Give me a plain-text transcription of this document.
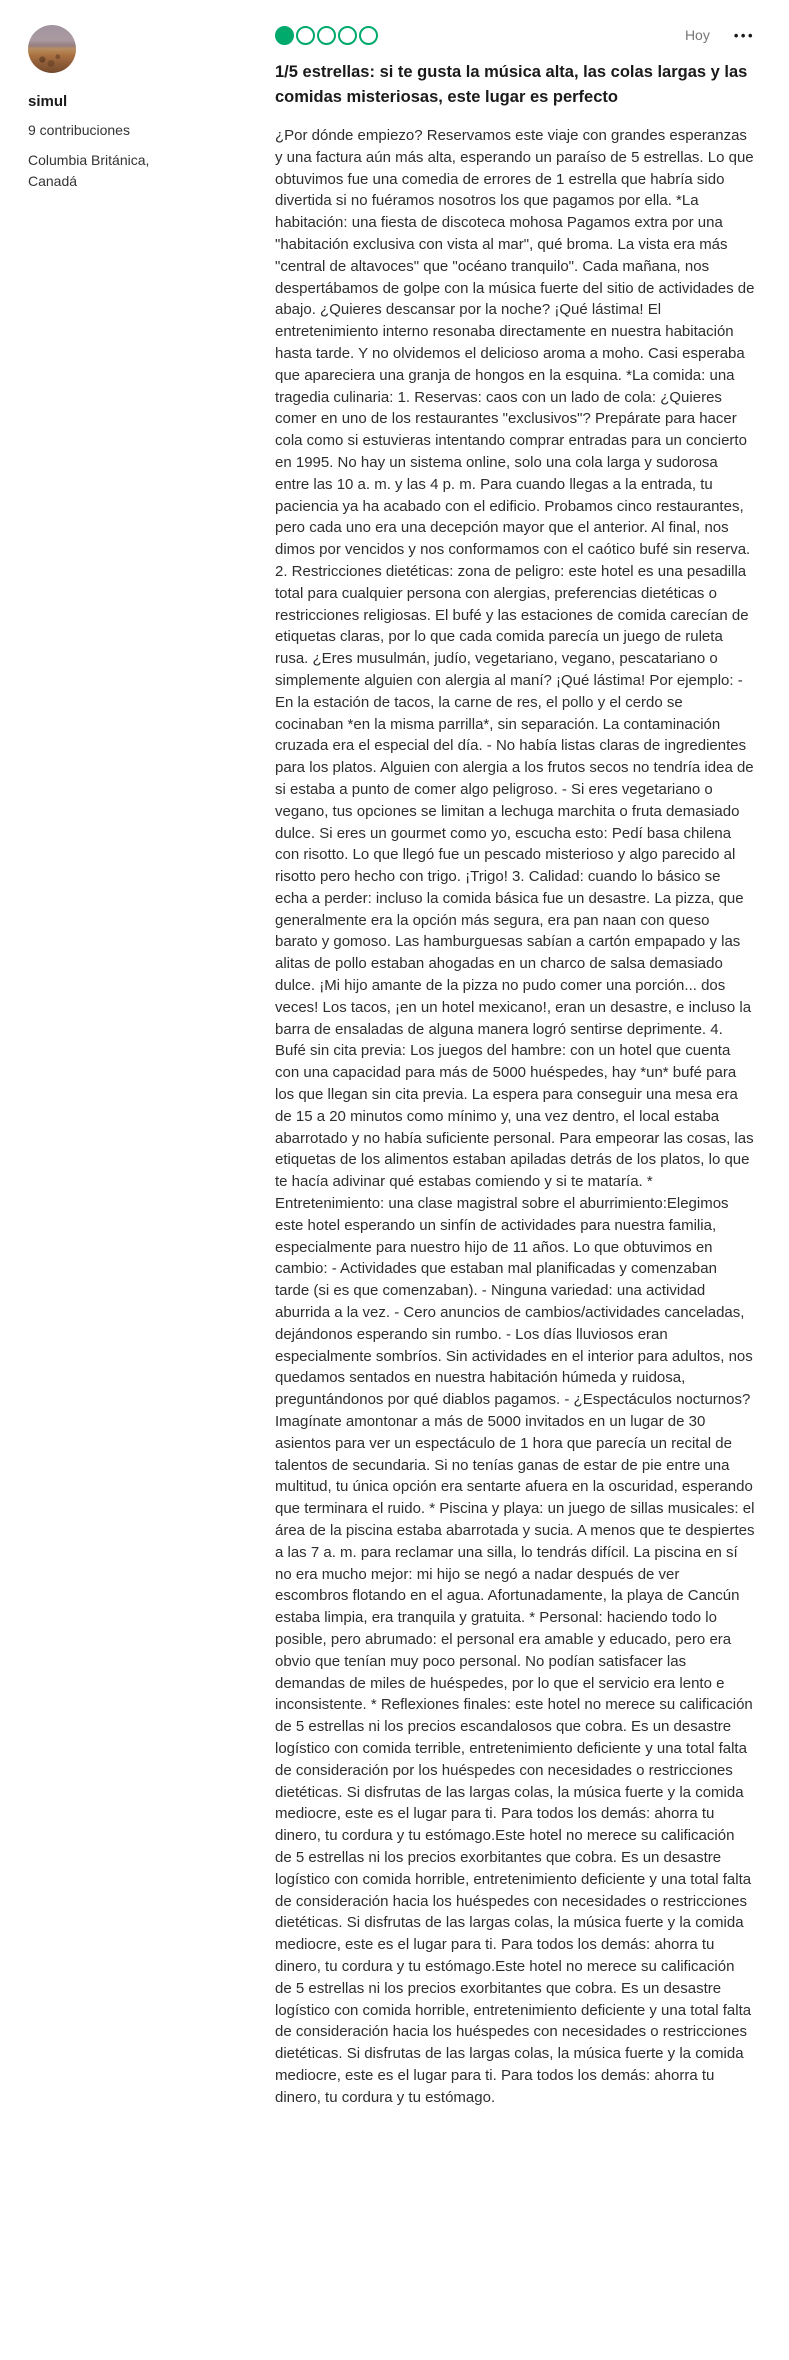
simul
9 contribuciones
Columbia Británica, Canadá
Hoy •••
1/5 estrellas: si te gusta la música alta, las colas largas y las comidas misteriosas, este lugar es perfecto

¿Por dónde empiezo? Reservamos este viaje con grandes esperanzas y una factura aún más alta, esperando un paraíso de 5 estrellas. Lo que obtuvimos fue una comedia de errores de 1 estrella que habría sido divertida si no fuéramos nosotros los que pagamos por ella. *La habitación: una fiesta de discoteca mohosa Pagamos extra por una "habitación exclusiva con vista al mar", qué broma. La vista era más "central de altavoces" que "océano tranquilo". Cada mañana, nos despertábamos de golpe con la música fuerte del sitio de actividades de abajo. ¿Quieres descansar por la noche? ¡Qué lástima! El entretenimiento interno resonaba directamente en nuestra habitación hasta tarde. Y no olvidemos el delicioso aroma a moho. Casi esperaba que apareciera una granja de hongos en la esquina. *La comida: una tragedia culinaria: 1. Reservas: caos con un lado de cola: ¿Quieres comer en uno de los restaurantes "exclusivos"? Prepárate para hacer cola como si estuvieras intentando comprar entradas para un concierto en 1995. No hay un sistema online, solo una cola larga y sudorosa entre las 10 a. m. y las 4 p. m. Para cuando llegas a la entrada, tu paciencia ya ha acabado con el edificio. Probamos cinco restaurantes, pero cada uno era una decepción mayor que el anterior. Al final, nos dimos por vencidos y nos conformamos con el caótico bufé sin reserva. 2. Restricciones dietéticas: zona de peligro: este hotel es una pesadilla total para cualquier persona con alergias, preferencias dietéticas o restricciones religiosas. El bufé y las estaciones de comida carecían de etiquetas claras, por lo que cada comida parecía un juego de ruleta rusa. ¿Eres musulmán, judío, vegetariano, vegano, pescatariano o simplemente alguien con alergia al maní? ¡Qué lástima! Por ejemplo: - En la estación de tacos, la carne de res, el pollo y el cerdo se cocinaban *en la misma parrilla*, sin separación. La contaminación cruzada era el especial del día. - No había listas claras de ingredientes para los platos. Alguien con alergia a los frutos secos no tendría idea de si estaba a punto de comer algo peligroso. - Si eres vegetariano o vegano, tus opciones se limitan a lechuga marchita o fruta demasiado dulce. Si eres un gourmet como yo, escucha esto: Pedí basa chilena con risotto. Lo que llegó fue un pescado misterioso y algo parecido al risotto pero hecho con trigo. ¡Trigo! 3. Calidad: cuando lo básico se echa a perder: incluso la comida básica fue un desastre. La pizza, que generalmente era la opción más segura, era pan naan con queso barato y gomoso. Las hamburguesas sabían a cartón empapado y las alitas de pollo estaban ahogadas en un charco de salsa demasiado dulce. ¡Mi hijo amante de la pizza no pudo comer una porción... dos veces! Los tacos, ¡en un hotel mexicano!, eran un desastre, e incluso la barra de ensaladas de alguna manera logró sentirse deprimente. 4. Bufé sin cita previa: Los juegos del hambre: con un hotel que cuenta con una capacidad para más de 5000 huéspedes, hay *un* bufé para los que llegan sin cita previa. La espera para conseguir una mesa era de 15 a 20 minutos como mínimo y, una vez dentro, el local estaba abarrotado y no había suficiente personal. Para empeorar las cosas, las etiquetas de los alimentos estaban apiladas detrás de los platos, lo que te hacía adivinar qué estabas comiendo y si te mataría. * Entretenimiento: una clase magistral sobre el aburrimiento:Elegimos este hotel esperando un sinfín de actividades para nuestra familia, especialmente para nuestro hijo de 11 años. Lo que obtuvimos en cambio: - Actividades que estaban mal planificadas y comenzaban tarde (si es que comenzaban). - Ninguna variedad: una actividad aburrida a la vez. - Cero anuncios de cambios/actividades canceladas, dejándonos esperando sin rumbo. - Los días lluviosos eran especialmente sombríos. Sin actividades en el interior para adultos, nos quedamos sentados en nuestra habitación húmeda y ruidosa, preguntándonos por qué diablos pagamos. - ¿Espectáculos nocturnos? Imagínate amontonar a más de 5000 invitados en un lugar de 30 asientos para ver un espectáculo de 1 hora que parecía un recital de talentos de secundaria. Si no tenías ganas de estar de pie entre una multitud, tu única opción era sentarte afuera en la oscuridad, esperando que terminara el ruido. * Piscina y playa: un juego de sillas musicales: el área de la piscina estaba abarrotada y sucia. A menos que te despiertes a las 7 a. m. para reclamar una silla, lo tendrás difícil. La piscina en sí no era mucho mejor: mi hijo se negó a nadar después de ver escombros flotando en el agua. Afortunadamente, la playa de Cancún estaba limpia, era tranquila y gratuita. * Personal: haciendo todo lo posible, pero abrumado: el personal era amable y educado, pero era obvio que tenían muy poco personal. No podían satisfacer las demandas de miles de huéspedes, por lo que el servicio era lento e inconsistente. * Reflexiones finales: este hotel no merece su calificación de 5 estrellas ni los precios escandalosos que cobra. Es un desastre logístico con comida terrible, entretenimiento deficiente y una total falta de consideración por los huéspedes con necesidades o restricciones dietéticas. Si disfrutas de las largas colas, la música fuerte y la comida mediocre, este es el lugar para ti. Para todos los demás: ahorra tu dinero, tu cordura y tu estómago.Este hotel no merece su calificación de 5 estrellas ni los precios exorbitantes que cobra. Es un desastre logístico con comida horrible, entretenimiento deficiente y una total falta de consideración hacia los huéspedes con necesidades o restricciones dietéticas. Si disfrutas de las largas colas, la música fuerte y la comida mediocre, este es el lugar para ti. Para todos los demás: ahorra tu dinero, tu cordura y tu estómago.Este hotel no merece su calificación de 5 estrellas ni los precios exorbitantes que cobra. Es un desastre logístico con comida horrible, entretenimiento deficiente y una total falta de consideración hacia los huéspedes con necesidades o restricciones dietéticas. Si disfrutas de las largas colas, la música fuerte y la comida mediocre, este es el lugar para ti. Para todos los demás: ahorra tu dinero, tu cordura y tu estómago.
